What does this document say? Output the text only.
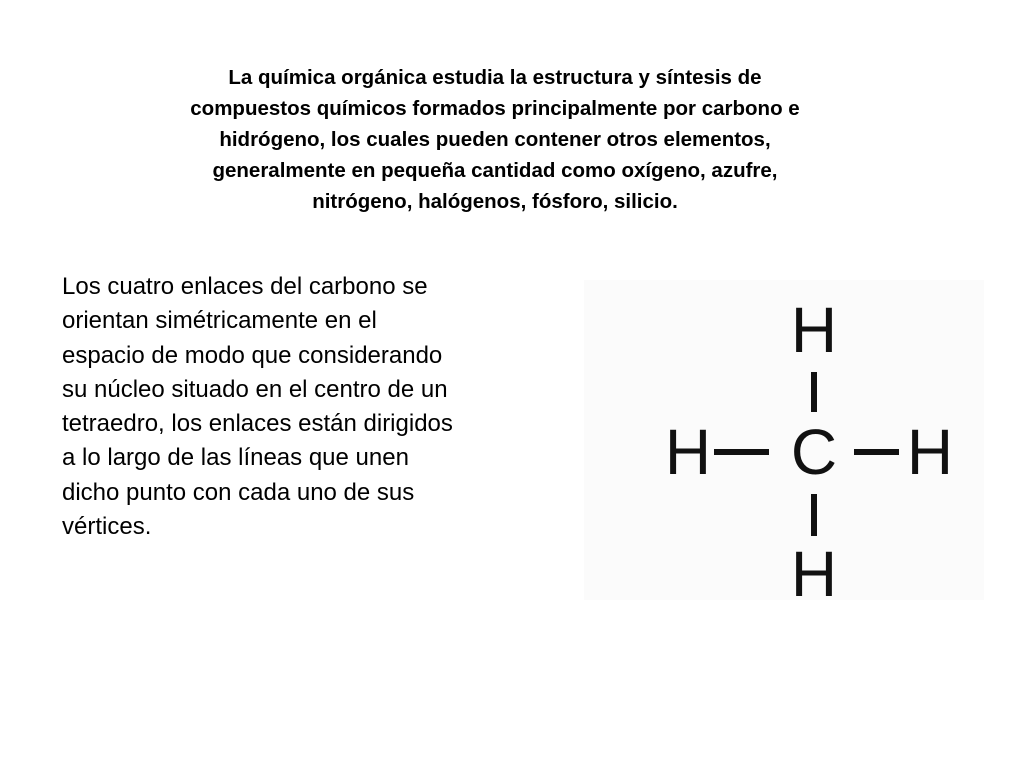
La química orgánica estudia la estructura y síntesis de
compuestos químicos formados principalmente por carbono e
hidrógeno, los cuales pueden contener otros elementos,
generalmente en pequeña cantidad como oxígeno, azufre,
nitrógeno, halógenos, fósforo, silicio.

Los cuatro enlaces del carbono se
orientan simétricamente en el
espacio de modo que considerando
su núcleo situado en el centro de un
tetraedro, los enlaces están dirigidos
a lo largo de las líneas que unen
dicho punto con cada uno de sus
vértices.

H
H C H
H
